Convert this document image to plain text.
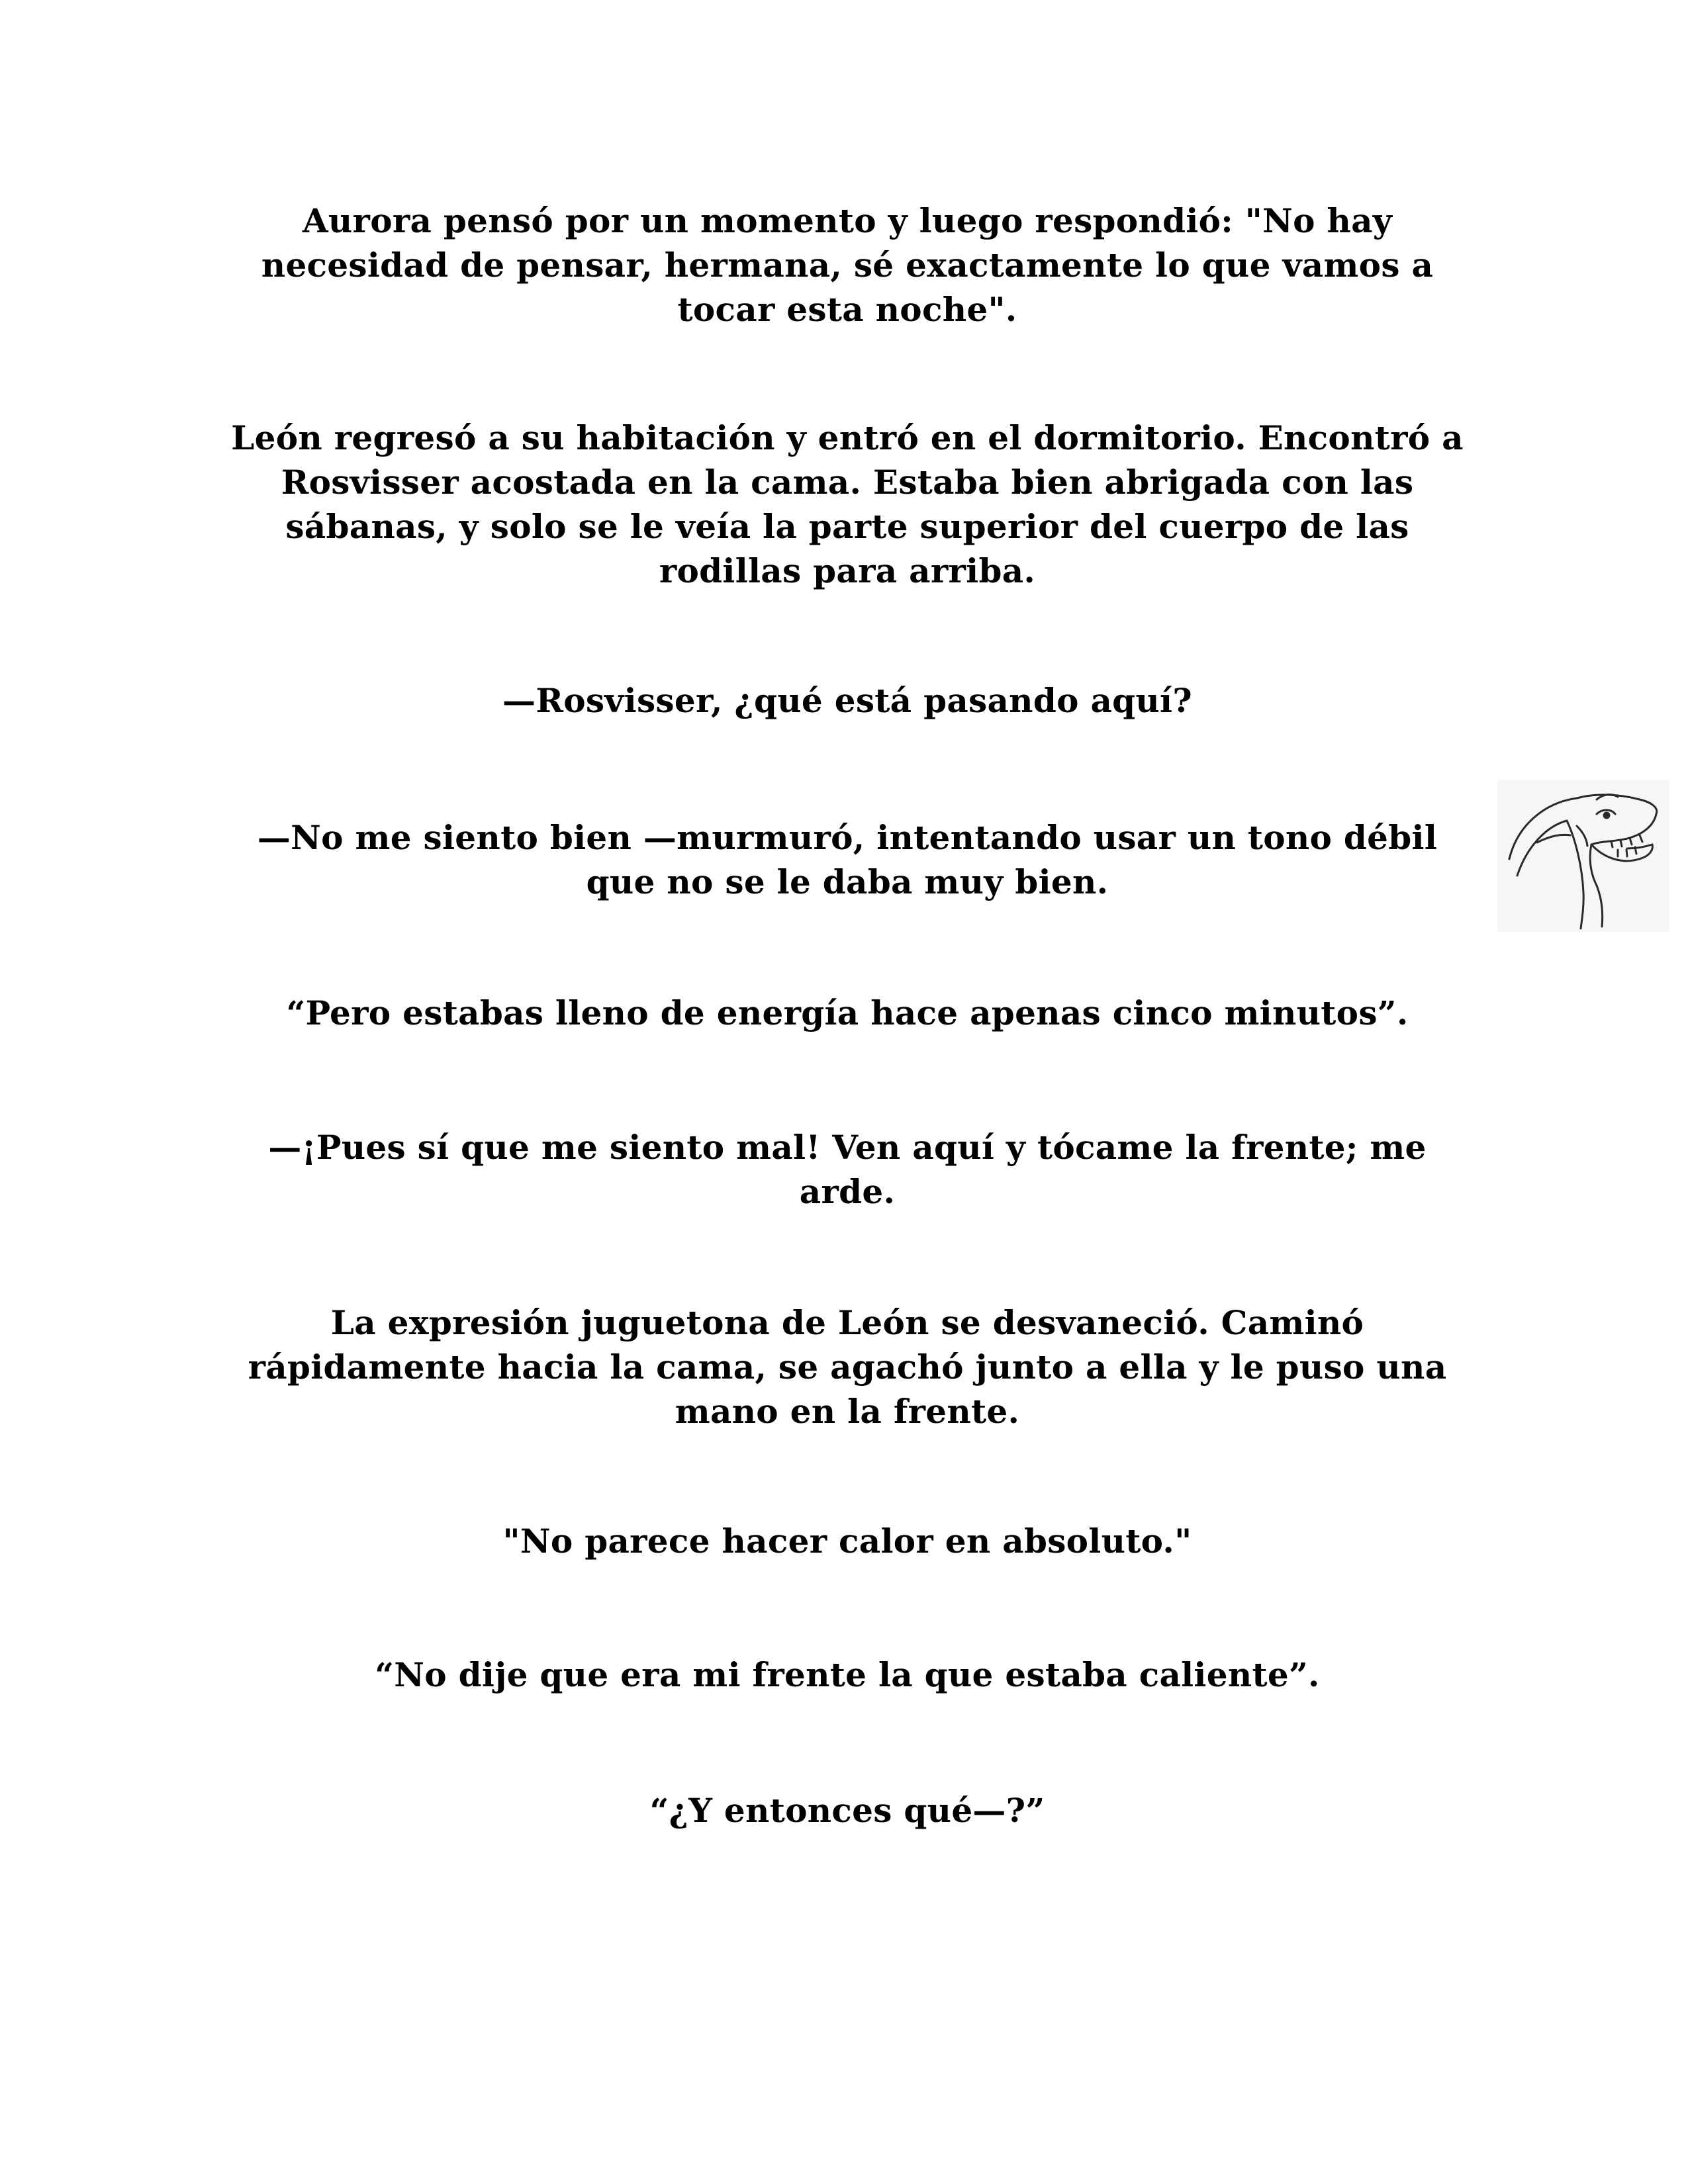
Aurora pensó por un momento y luego respondió: "No hay necesidad de pensar, hermana, sé exactamente lo que vamos a tocar esta noche".

León regresó a su habitación y entró en el dormitorio. Encontró a Rosvisser acostada en la cama. Estaba bien abrigada con las sábanas, y solo se le veía la parte superior del cuerpo de las rodillas para arriba.

—Rosvisser, ¿qué está pasando aquí?

—No me siento bien —murmuró, intentando usar un tono débil que no se le daba muy bien.

“Pero estabas lleno de energía hace apenas cinco minutos”.

—¡Pues sí que me siento mal! Ven aquí y tócame la frente; me arde.

La expresión juguetona de León se desvaneció. Caminó rápidamente hacia la cama, se agachó junto a ella y le puso una mano en la frente.

"No parece hacer calor en absoluto."

“No dije que era mi frente la que estaba caliente”.

“¿Y entonces qué—?”
